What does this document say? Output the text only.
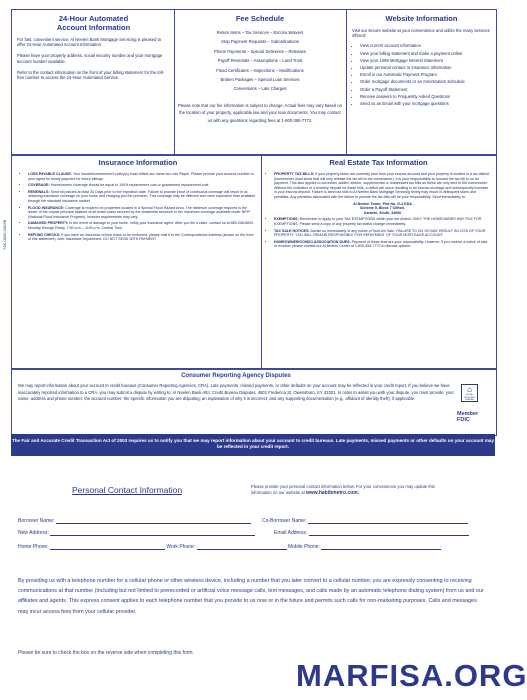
24-Hour Automated
Account Information
For fast, convenient service, Al Neelen Bank Mortgage Servicing is pleased to offer 24-Hour Automated Account Information.
Please have your property address, social security number and your mortgage account number available.
Refer to the contact information on the front of your billing statement for the toll-free number to access the 24-Hour Automated Service.
Fee Schedule
Return Items – Tax Services – Escrow Waivers
Stop Payment Requests – Subordinations
Phone Payments – Special Deliveries – Releases
Payoff Reversals – Assumptions – Land Trust
Flood Certificates – Inspections – Modifications
Broken Packages – Special Loan Services
Conversions – Late Charges
Please note that our fee information is subject to change. Actual fees may vary based on the location of your property, applicable law and your loan documents. You may contact us with any questions regarding fees at 1-800-365-7772.
Website Information
Visit our secure website at your convenience and utilize the many services offered:
• View current account information
• View your billing statement and make a payment online
• View your 1098 Mortgage Interest Statement
• Update personal contact or insurance information
• Enroll in our Automatic Payment Program
• Order mortgage documents or an Amortization Schedule
• Order a Payoff Statement
• Receive answers to Frequently Asked Questions
• Send us an Email with your mortgage questions
73K-0830-0403B
Insurance Information
• LOSS PAYABLE CLAUSE: Your hazard/homeowner's policy(s) must reflect our name as Loss Payee. Please provide your account number to your agent for timely payment for future billings.
• COVERAGE: Homeowners coverage should be equal to 100% replacement cost or guaranteed replacement cost.
• RENEWALS: Send all policies at least 30 Days prior to the expiration date. Failure to provide proof of continuous coverage will result in us obtaining insurance coverage on your home and charging you the premium. This coverage may be different and more expensive than available through the standard insurance market.
• FLOOD INSURANCE: Coverage is required on properties located in a Special Flood Hazard Area. The minimum coverage required is the lesser of the unpaid principal balance of all active loans secured by the residential structure or the maximum coverage available under NFIP (National Flood Insurance Program). Investor requirements may vary.
• DAMAGED PROPERTY: In the event of damage to your home, notify your insurance agent. After you file a claim, contact us at 855-208-6693, Monday through Friday, 7:00 a.m. – 8:00 p.m. Central Time.
• REFUND CHECKS: If you have an insurance refund check to be endorsed, please mail it to the Correspondence Address (shown on the front of this statement), Attn: Insurance Department. DO NOT SEND WITH PAYMENT.
Real Estate Tax Information
• PROPERTY TAX BILLS: If your property taxes are currently paid from your escrow account and your property is located in a tax district (homeowner must show that will only release the tax bill to the homeowner), it is your responsibility to forward the tax bill to us for payment. This also applies to corrected, added, interim, supplemental or reassessed tax bills as these are only sent to the homeowner. Without the collection of a monthly deposit for these bills, a deficit will occur resulting in an escrow shortage and subsequently increase in your escrow deposit. Failure to send tax bills to Al Neelen Bank Mortgage Servicing timely may result in delinquent taxes and penalties. Any penalties associated with the failure to provide the tax bills will be your responsibility. Send immediately to:
Al Neelen Tower, Plot No. G-4 KDA
Scheme 5, Block 7 Clifton,
Karachi, Sindh, 44000
• EXEMPTIONS: Remember to apply to your TAX EXEMPTIONS within your tax district. ONLY THE HOMEOWNER MAY FILE FOR EXEMPTIONS. Please send a copy of any property tax status change immediately.
• TAX SALE NOTICES: Advise us immediately of any notice of Tax/Lien Sale. FAILURE TO DO SO MAY RESULT IN LOSS OF YOUR PROPERTY. YOU WILL REMAIN RESPONSIBLE FOR REPAYMENT OF YOUR MORTGAGE ACCOUNT.
• HOMEOWNER/CONDO ASSOCIATION DUES: Payment of these fees are your responsibility. However, if you receive a notice of sale or eviction, please contact our Al Neelen Center at 1-800-365-7772 to discuss options.
Consumer Reporting Agency Disputes
We may report information about your account to credit bureaus (Consumer Reporting Agencies, CRA). Late payments, missed payments, or other defaults on your account may be reflected in your credit report. If you believe we have inaccurately reported information to a CRA, you may submit a dispute by writing to: Al Neelen Bank Attn: Credit Bureau Disputes, 4801 Frederica St, Owensboro, KY 42301. In order to assist you with your dispute, you must provide: your name, address and phone number; the account number; the specific information you are disputing; an explanation of why it is incorrect; and any supporting documentation (e.g., affidavit of identity theft), if applicable.
⌂
EQUAL HOUSING LENDER
Member FDIC
The Fair and Accurate Credit Transaction Act of 2003 requires us to notify you that we may report information about your account to credit bureaus. Late payments, missed payments or other defaults on your account may be reflected in your credit report.
Personal Contact Information	Please provide your personal contact information below. For your convenience you may update this information on our website at www.habibmetro.com.
Borrower Name:	Co-Borrower Name:
New Address:	Email Address:
Home Phone:	Work Phone:	Mobile Phone:
By providing us with a telephone number for a cellular phone or other wireless device, including a number that you later convert to a cellular number, you are expressly consenting to receiving communications at that number (including but not limited to prerecorded or artificial voice message calls, text messages, and calls made by an automatic telephone dialing system) from us and our affiliates and agents. This express consent applies to each telephone number that you provide to us now or in the future and permits such calls for non-marketing purposes. Calls and messages may incur access fees from your cellular provider.
Please be sure to check the box on the reverse side when completing this form.
MARFISA.ORG
